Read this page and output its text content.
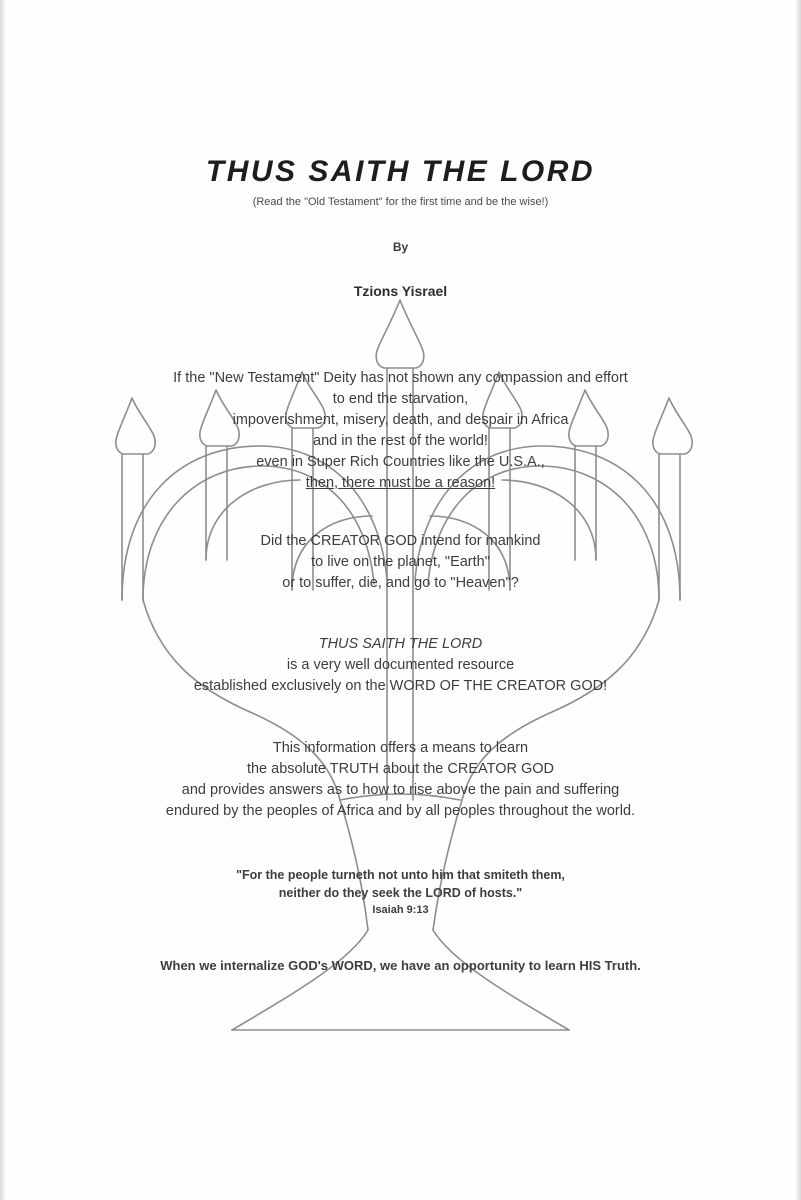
THUS SAITH THE LORD
(Read the "Old Testament" for the first time and be the wise!)
By
Tzions Yisrael
If the "New Testament" Deity has not shown any compassion and effort
to end the starvation,
impoverishment, misery, death, and despair in Africa
and in the rest of the world!
even in Super Rich Countries like the U.S.A.,
then, there must be a reason!
Did the CREATOR GOD intend for mankind
to live on the planet, "Earth"
or to suffer, die, and go to "Heaven"?
THUS SAITH THE LORD
is a very well documented resource
established exclusively on the WORD OF THE CREATOR GOD!
This information offers a means to learn
the absolute TRUTH about the CREATOR GOD
and provides answers as to how to rise above the pain and suffering
endured by the peoples of Africa and by all peoples throughout the world.
"For the people turneth not unto him that smiteth them,
neither do they seek the LORD of hosts."
Isaiah 9:13
When we internalize GOD's WORD, we have an opportunity to learn HIS Truth.
